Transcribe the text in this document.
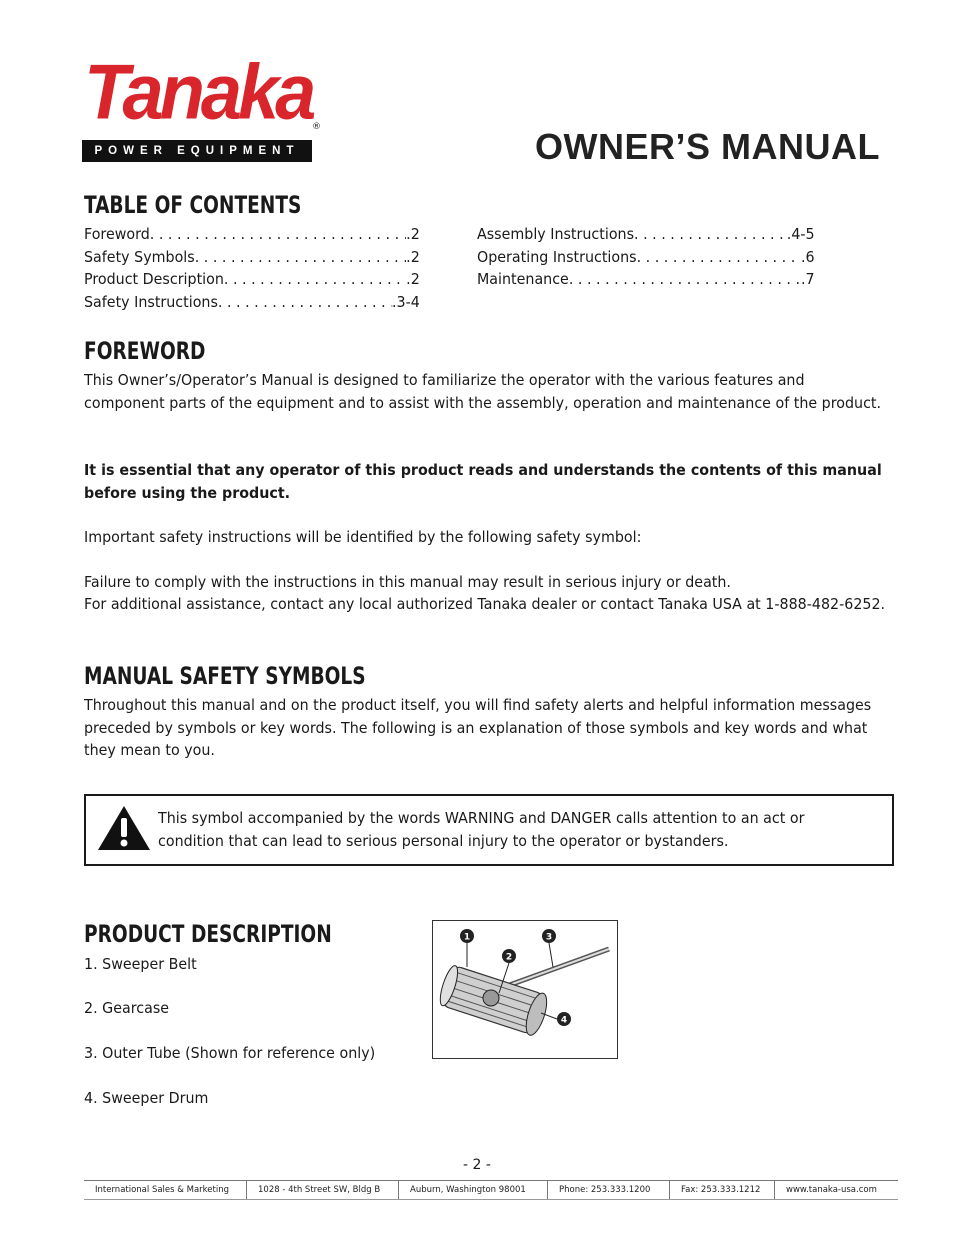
Tanaka ®
POWER EQUIPMENT	OWNER’S MANUAL
TABLE OF CONTENTS
Foreword . . .	.2
Safety Symbols . . .	.2
Product Description . . .	.2
Safety Instructions . . .	.3-4
Assembly Instructions . . .	.4-5
Operating Instructions . . .	.6
Maintenance . . .	.7
FOREWORD
This Owner’s/Operator’s Manual is designed to familiarize the operator with the various features and component parts of the equipment and to assist with the assembly, operation and maintenance of the product.
It is essential that any operator of this product reads and understands the contents of this manual before using the product.
Important safety instructions will be identified by the following safety symbol:
Failure to comply with the instructions in this manual may result in serious injury or death.
For additional assistance, contact any local authorized Tanaka dealer or contact Tanaka USA at 1-888-482-6252.
MANUAL SAFETY SYMBOLS
Throughout this manual and on the product itself, you will find safety alerts and helpful information messages preceded by symbols or key words. The following is an explanation of those symbols and key words and what they mean to you.
This symbol accompanied by the words WARNING and DANGER calls attention to an act or condition that can lead to serious personal injury to the operator or bystanders.
PRODUCT DESCRIPTION
1. Sweeper Belt
2. Gearcase
3. Outer Tube (Shown for reference only)
4. Sweeper Drum
1
2
3
4
- 2 -
International Sales & Marketing	1028 - 4th Street SW, Bldg B	Auburn, Washington 98001	Phone: 253.333.1200	Fax: 253.333.1212	www.tanaka-usa.com
